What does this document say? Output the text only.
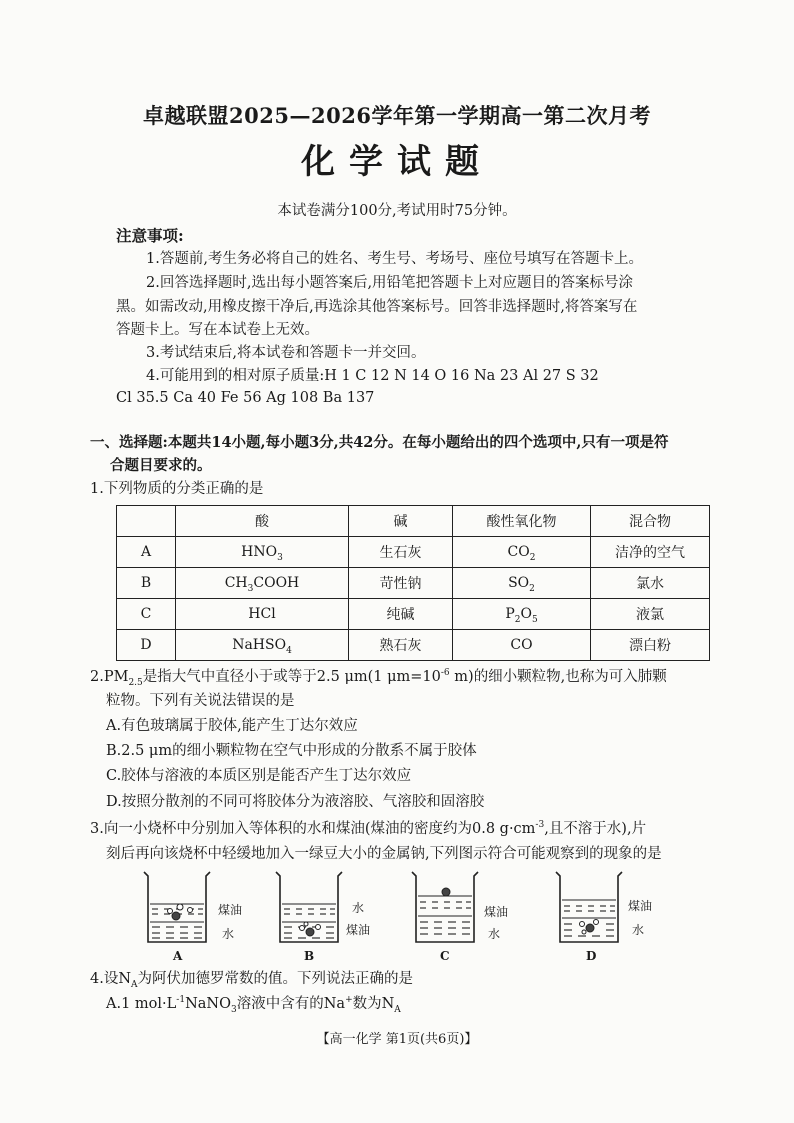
卓越联盟2025—2026学年第一学期高一第二次月考
化学试题
本试卷满分100分,考试用时75分钟。
注意事项:
1.答题前,考生务必将自己的姓名、考生号、考场号、座位号填写在答题卡上。
2.回答选择题时,选出每小题答案后,用铅笔把答题卡上对应题目的答案标号涂
黑。如需改动,用橡皮擦干净后,再选涂其他答案标号。回答非选择题时,将答案写在
答题卡上。写在本试卷上无效。
3.考试结束后,将本试卷和答题卡一并交回。
4.可能用到的相对原子质量:H 1 C 12 N 14 O 16 Na 23 Al 27 S 32
Cl 35.5 Ca 40 Fe 56 Ag 108 Ba 137
一、选择题:本题共14小题,每小题3分,共42分。在每小题给出的四个选项中,只有一项是符
合题目要求的。
1.下列物质的分类正确的是
	酸	碱	酸性氧化物	混合物
A	$HNO_3$	生石灰	$CO_2$	洁净的空气
B	$CH_3COOH$	苛性钠	$SO_2$	氯水
C	HCl	纯碱	$P_2O_5$	液氯
D	NaHSO$_4$	熟石灰	CO	漂白粉
$2.PM_{2.5}$是指大气中直径小于或等于2.5 μm(1 $\mu m=10^{-6}$ m)的细小颗粒物,也称为可入肺颗
粒物。下列有关说法错误的是
A.有色玻璃属于胶体,能产生丁达尔效应
B.2.5 μm的细小颗粒物在空气中形成的分散系不属于胶体
C.胶体与溶液的本质区别是能否产生丁达尔效应
D.按照分散剂的不同可将胶体分为液溶胶、气溶胶和固溶胶
3.向一小烧杯中分别加入等体积的水和煤油(煤油的密度约为0.8 $g\cdot cm^{-3}$,且不溶于水),片
刻后再向该烧杯中轻缓地加入一绿豆大小的金属钠,下列图示符合可能观察到的现象的是
煤油
水
A
水
煤油
B
煤油
水
C
煤油
水
D
4.设$N_A$为阿伏加德罗常数的值。下列说法正确的是
A.1 $mol\cdot L^{-1}NaNO_3$溶液中含有的Na+数为$N_A$
【高一化学 第1页(共6页)】
